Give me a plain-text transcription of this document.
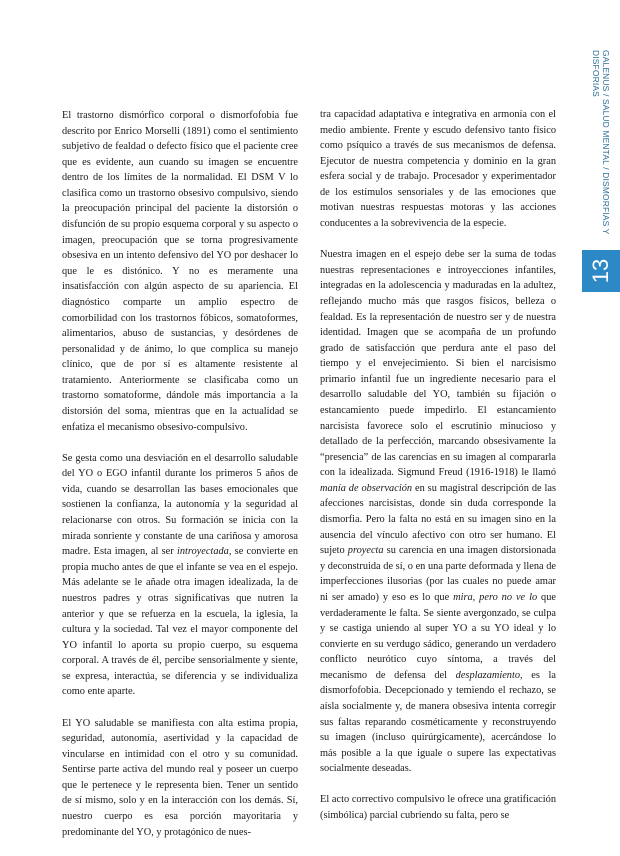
El trastorno dismórfico corporal o dismorfofobia fue descrito por Enrico Morselli (1891) como el sentimiento subjetivo de fealdad o defecto físico que el paciente cree que es evidente, aun cuando su imagen se encuentre dentro de los límites de la normalidad. El DSM V lo clasifica como un trastorno obsesivo compulsivo, siendo la preocupación principal del paciente la distorsión o disfunción de su propio esquema corporal y su aspecto o imagen, preocupación que se torna progresivamente obsesiva en un intento defensivo del YO por deshacer lo que le es distónico. Y no es meramente una insatisfacción con algún aspecto de su apariencia. El diagnóstico comparte un amplio espectro de comorbilidad con los trastornos fóbicos, somatoformes, alimentarios, abuso de sustancias, y desórdenes de personalidad y de ánimo, lo que complica su manejo clínico, que de por sí es altamente resistente al tratamiento. Anteriormente se clasificaba como un trastorno somatoforme, dándole más importancia a la distorsión del soma, mientras que en la actualidad se enfatiza el mecanismo obsesivo-compulsivo.

Se gesta como una desviación en el desarrollo saludable del YO o EGO infantil durante los primeros 5 años de vida, cuando se desarrollan las bases emocionales que sostienen la confianza, la autonomía y la seguridad al relacionarse con otros. Su formación se inicia con la mirada sonriente y constante de una cariñosa y amorosa madre. Esta imagen, al ser introyectada, se convierte en propia mucho antes de que el infante se vea en el espejo. Más adelante se le añade otra imagen idealizada, la de nuestros padres y otras significativas que nutren la anterior y que se refuerza en la escuela, la iglesia, la cultura y la sociedad. Tal vez el mayor componente del YO infantil lo aporta su propio cuerpo, su esquema corporal. A través de él, percibe sensorialmente y siente, se expresa, interactúa, se diferencia y se individualiza como ente aparte.

El YO saludable se manifiesta con alta estima propia, seguridad, autonomía, asertividad y la capacidad de vincularse en intimidad con el otro y su comunidad. Sentirse parte activa del mundo real y poseer un cuerpo que le pertenece y le representa bien. Tener un sentido de sí mismo, solo y en la interacción con los demás. Sí, nuestro cuerpo es esa porción mayoritaria y predominante del YO, y protagónico de nues-

tra capacidad adaptativa e integrativa en armonía con el medio ambiente. Frente y escudo defensivo tanto físico como psíquico a través de sus mecanismos de defensa. Ejecutor de nuestra competencia y dominio en la gran esfera social y de trabajo. Procesador y experimentador de los estímulos sensoriales y de las emociones que motivan nuestras respuestas motoras y las acciones conducentes a la sobrevivencia de la especie.

Nuestra imagen en el espejo debe ser la suma de todas nuestras representaciones e introyecciones infantiles, integradas en la adolescencia y maduradas en la adultez, reflejando mucho más que rasgos físicos, belleza o fealdad. Es la representación de nuestro ser y de nuestra identidad. Imagen que se acompaña de un profundo grado de satisfacción que perdura ante el paso del tiempo y el envejecimiento. Si bien el narcisismo primario infantil fue un ingrediente necesario para el desarrollo saludable del YO, también su fijación o estancamiento puede impedirlo. El estancamiento narcisista favorece solo el escrutinio minucioso y detallado de la perfección, marcando obsesivamente la “presencia” de las carencias en su imagen al compararla con la idealizada. Sigmund Freud (1916-1918) le llamó manía de observación en su magistral descripción de las afecciones narcisistas, donde sin duda corresponde la dismorfia. Pero la falta no está en su imagen sino en la ausencia del vínculo afectivo con otro ser humano. El sujeto proyecta su carencia en una imagen distorsionada y deconstruida de sí, o en una parte deformada y llena de imperfecciones ilusorias (por las cuales no puede amar ni ser amado) y eso es lo que mira, pero no ve lo que verdaderamente le falta. Se siente avergonzado, se culpa y se castiga uniendo al super YO a su YO ideal y lo convierte en su verdugo sádico, generando un verdadero conflicto neurótico cuyo síntoma, a través del mecanismo de defensa del desplazamiento, es la dismorfofobia. Decepcionado y temiendo el rechazo, se aísla socialmente y, de manera obsesiva intenta corregir sus faltas reparando cosméticamente y reconstruyendo su imagen (incluso quirúrgicamente), acercándose lo más posible a la que iguale o supere las expectativas socialmente deseadas.

El acto correctivo compulsivo le ofrece una gratificación (simbólica) parcial cubriendo su falta, pero se

GALENUS / SALUD MENTAL / DISMORFIAS Y DISFORIAS
13
